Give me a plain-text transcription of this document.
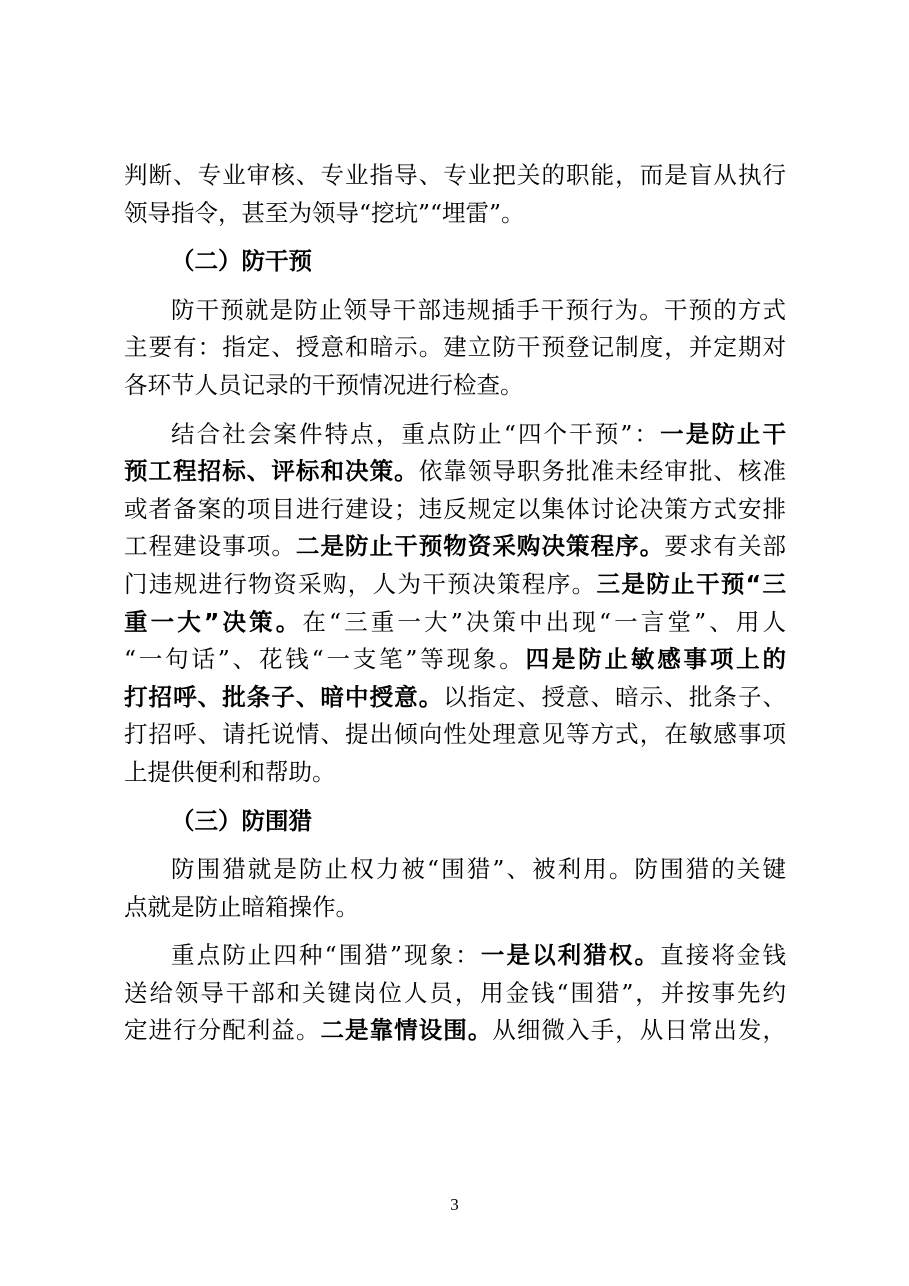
判断、专业审核、专业指导、专业把关的职能，而是盲从执行
领导指令，甚至为领导“挖坑”“埋雷”。
（二）防干预
防干预就是防止领导干部违规插手干预行为。干预的方式
主要有：指定、授意和暗示。建立防干预登记制度，并定期对
各环节人员记录的干预情况进行检查。
结合社会案件特点，重点防止“四个干预”：一是防止干
预工程招标、评标和决策。依靠领导职务批准未经审批、核准
或者备案的项目进行建设；违反规定以集体讨论决策方式安排
工程建设事项。二是防止干预物资采购决策程序。要求有关部
门违规进行物资采购，人为干预决策程序。三是防止干预“三
重一大”决策。在“三重一大”决策中出现“一言堂”、用人
“一句话”、花钱“一支笔”等现象。四是防止敏感事项上的
打招呼、批条子、暗中授意。以指定、授意、暗示、批条子、
打招呼、请托说情、提出倾向性处理意见等方式，在敏感事项
上提供便利和帮助。
（三）防围猎
防围猎就是防止权力被“围猎”、被利用。防围猎的关键
点就是防止暗箱操作。
重点防止四种“围猎”现象：一是以利猎权。直接将金钱
送给领导干部和关键岗位人员，用金钱“围猎”，并按事先约
定进行分配利益。二是靠情设围。从细微入手，从日常出发，
3
